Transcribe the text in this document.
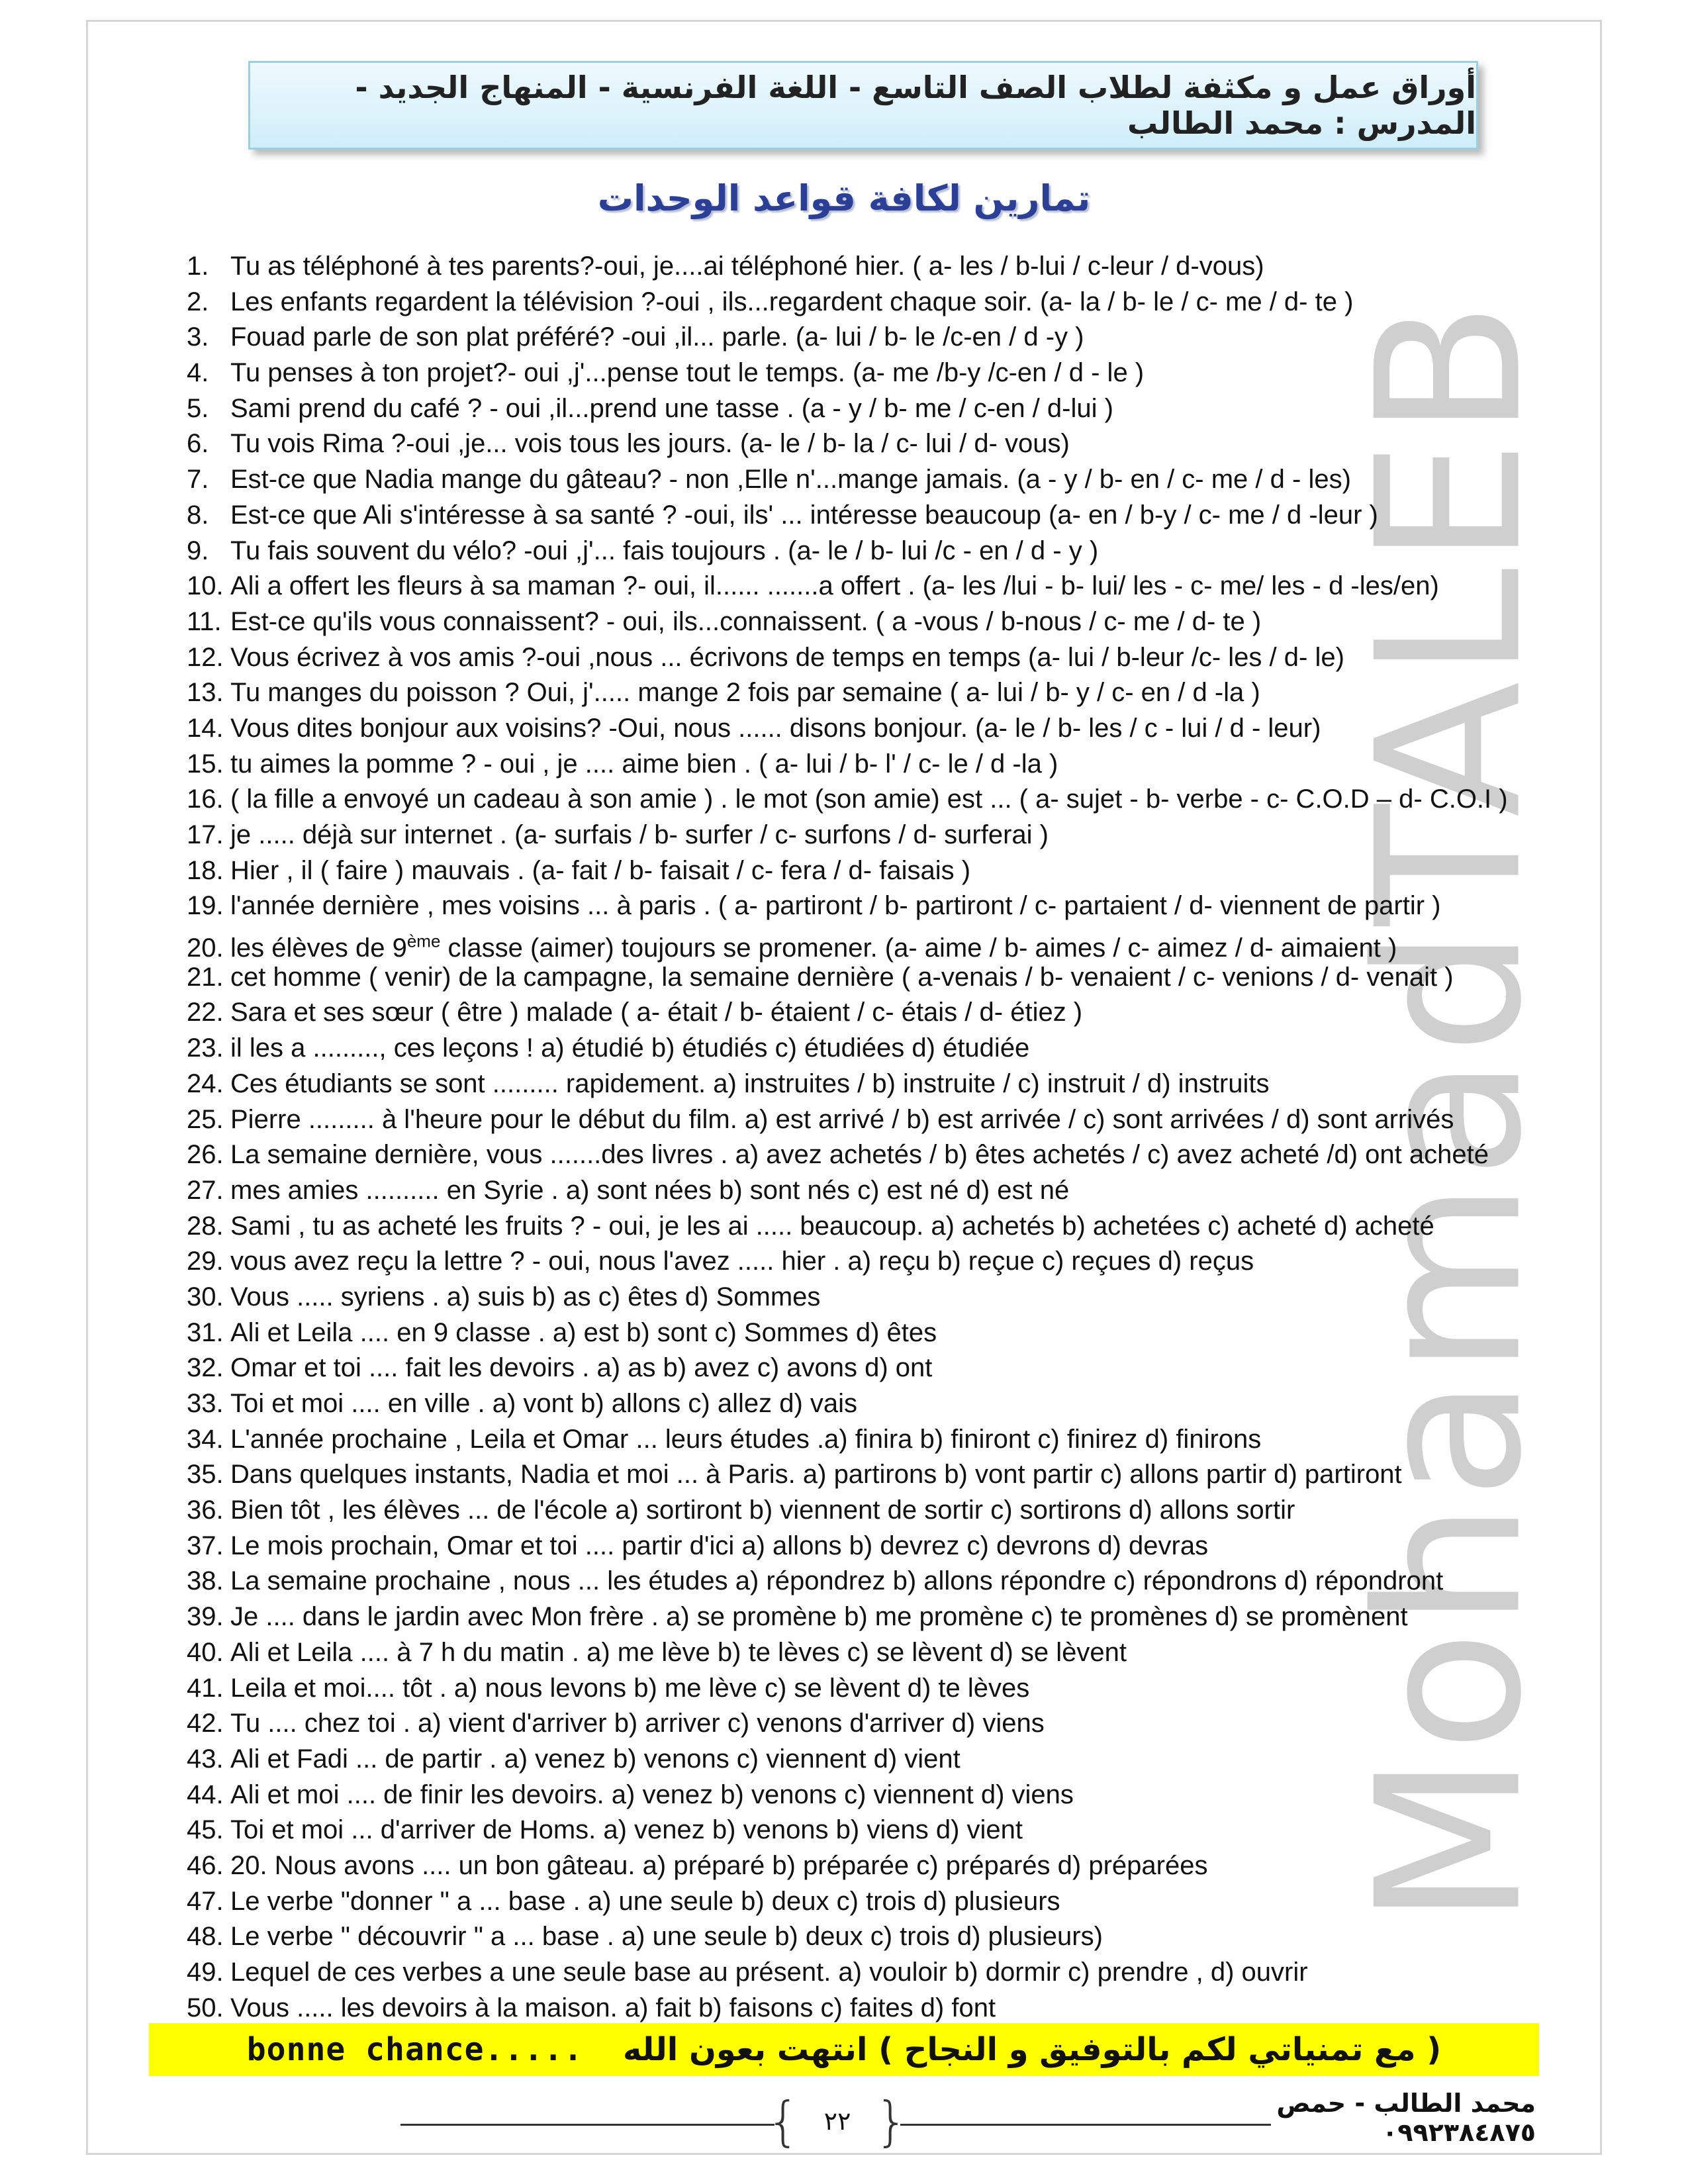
أوراق عمل و مكثفة لطلاب الصف التاسع - اللغة الفرنسية - المنهاج الجديد - المدرس : محمد الطالب
تمارين لكافة قواعد الوحدات
MohamadTALEB
1. Tu as téléphoné à tes parents?-oui, je....ai téléphoné hier. ( a- les / b-lui / c-leur / d-vous)
2. Les enfants regardent la télévision ?-oui , ils...regardent chaque soir. (a- la / b- le / c- me / d- te )
3. Fouad parle de son plat préféré? -oui ,il... parle. (a- lui / b- le /c-en / d -y )
4. Tu penses à ton projet?- oui ,j'...pense tout le temps. (a- me /b-y /c-en / d - le )
5. Sami prend du café ? - oui ,il...prend une tasse . (a - y / b- me / c-en / d-lui )
6. Tu vois Rima ?-oui ,je... vois tous les jours. (a- le / b- la / c- lui / d- vous)
7. Est-ce que Nadia mange du gâteau? - non ,Elle n'...mange jamais. (a - y / b- en / c- me / d - les)
8. Est-ce que Ali s'intéresse à sa santé ? -oui, ils' ... intéresse beaucoup (a- en / b-y / c- me / d -leur )
9. Tu fais souvent du vélo? -oui ,j'... fais toujours . (a- le / b- lui /c - en / d - y )
10. Ali a offert les fleurs à sa maman ?- oui, il...... .......a offert . (a- les /lui - b- lui/ les - c- me/ les - d -les/en)
11. Est-ce qu'ils vous connaissent? - oui, ils...connaissent. ( a -vous / b-nous / c- me / d- te )
12. Vous écrivez à vos amis ?-oui ,nous ... écrivons de temps en temps (a- lui / b-leur /c- les / d- le)
13. Tu manges du poisson ? Oui, j'..... mange 2 fois par semaine ( a- lui / b- y / c- en / d -la )
14. Vous dites bonjour aux voisins? -Oui, nous ...... disons bonjour. (a- le / b- les / c - lui / d - leur)
15. tu aimes la pomme ? - oui , je .... aime bien . ( a- lui / b- l' / c- le / d -la )
16. ( la fille a envoyé un cadeau à son amie ) . le mot (son amie) est ... ( a- sujet - b- verbe - c- C.O.D – d- C.O.I )
17. je ..... déjà sur internet . (a- surfais / b- surfer / c- surfons / d- surferai )
18. Hier , il ( faire ) mauvais . (a- fait / b- faisait / c- fera / d- faisais )
19. l'année dernière , mes voisins ... à paris . ( a- partiront / b- partiront / c- partaient / d- viennent de partir )
20. les élèves de 9ème classe (aimer) toujours se promener. (a- aime / b- aimes / c- aimez / d- aimaient )
21. cet homme ( venir) de la campagne, la semaine dernière ( a-venais / b- venaient / c- venions / d- venait )
22. Sara et ses sœur ( être ) malade ( a- était / b- étaient / c- étais / d- étiez )
23. il les a ........., ces leçons ! a) étudié b) étudiés c) étudiées d) étudiée
24. Ces étudiants se sont ......... rapidement. a) instruites / b) instruite / c) instruit / d) instruits
25. Pierre ......... à l'heure pour le début du film. a) est arrivé / b) est arrivée / c) sont arrivées / d) sont arrivés
26. La semaine dernière, vous .......des livres . a) avez achetés / b) êtes achetés / c) avez acheté /d) ont acheté
27. mes amies .......... en Syrie . a) sont nées b) sont nés c) est né d) est né
28. Sami , tu as acheté les fruits ? - oui, je les ai ..... beaucoup. a) achetés b) achetées c) acheté d) acheté
29. vous avez reçu la lettre ? - oui, nous l'avez ..... hier . a) reçu b) reçue c) reçues d) reçus
30. Vous ..... syriens . a) suis b) as c) êtes d) Sommes
31. Ali et Leila .... en 9 classe . a) est b) sont c) Sommes d) êtes
32. Omar et toi .... fait les devoirs . a) as b) avez c) avons d) ont
33. Toi et moi .... en ville . a) vont b) allons c) allez d) vais
34. L'année prochaine , Leila et Omar ... leurs études .a) finira b) finiront c) finirez d) finirons
35. Dans quelques instants, Nadia et moi ... à Paris. a) partirons b) vont partir c) allons partir d) partiront
36. Bien tôt , les élèves ... de l'école a) sortiront b) viennent de sortir c) sortirons d) allons sortir
37. Le mois prochain, Omar et toi .... partir d'ici a) allons b) devrez c) devrons d) devras
38. La semaine prochaine , nous ... les études a) répondrez b) allons répondre c) répondrons d) répondront
39. Je .... dans le jardin avec Mon frère . a) se promène b) me promène c) te promènes d) se promènent
40. Ali et Leila .... à 7 h du matin . a) me lève b) te lèves c) se lèvent d) se lèvent
41. Leila et moi.... tôt . a) nous levons b) me lève c) se lèvent d) te lèves
42. Tu .... chez toi . a) vient d'arriver b) arriver c) venons d'arriver d) viens
43. Ali et Fadi ... de partir . a) venez b) venons c) viennent d) vient
44. Ali et moi .... de finir les devoirs. a) venez b) venons c) viennent d) viens
45. Toi et moi ... d'arriver de Homs. a) venez b) venons b) viens d) vient
46. 20. Nous avons .... un bon gâteau. a) préparé b) préparée c) préparés d) préparées
47. Le verbe "donner " a ... base . a) une seule b) deux c) trois d) plusieurs
48. Le verbe " découvrir " a ... base . a) une seule b) deux c) trois d) plusieurs)
49. Lequel de ces verbes a une seule base au présent. a) vouloir b) dormir c) prendre , d) ouvrir
50. Vous ..... les devoirs à la maison. a) fait b) faisons c) faites d) font
bonne chance..... ( مع تمنياتي لكم بالتوفيق و النجاح ) انتهت بعون الله
{ ٢٢ }	محمد الطالب - حمص ٠٩٩٢٣٨٤٨٧٥
